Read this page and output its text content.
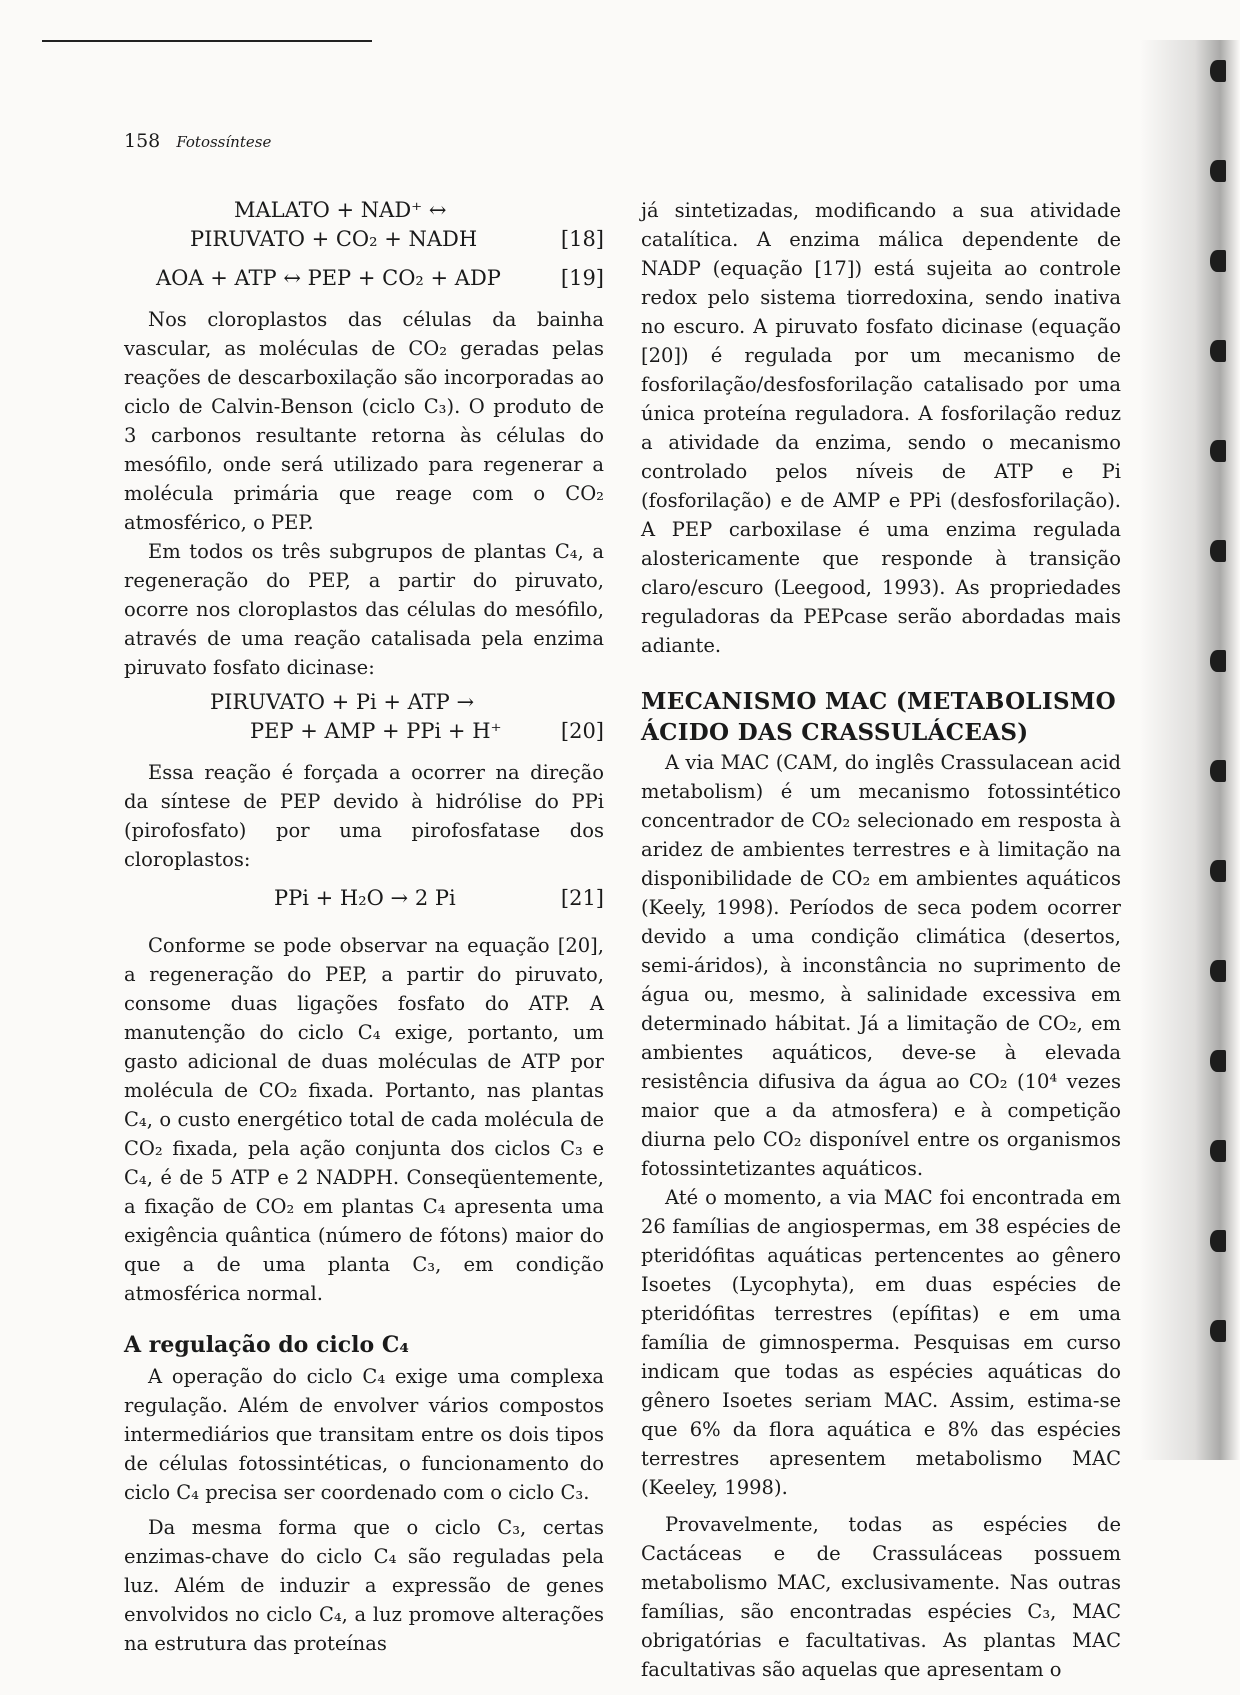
158 Fotossíntese
MALATO + NAD⁺ ↔
PIRUVATO + CO₂ + NADH	[18]
AOA + ATP ↔ PEP + CO₂ + ADP	[19]

Nos cloroplastos das células da bainha vascular, as moléculas de CO₂ geradas pelas reações de descarboxilação são incorporadas ao ciclo de Calvin-Benson (ciclo C₃). O produto de 3 carbonos resultante retorna às células do mesófilo, onde será utilizado para regenerar a molécula primária que reage com o CO₂ atmosférico, o PEP.

Em todos os três subgrupos de plantas C₄, a regeneração do PEP, a partir do piruvato, ocorre nos cloroplastos das células do mesófilo, através de uma reação catalisada pela enzima piruvato fosfato dicinase:

PIRUVATO + Pi + ATP →
PEP + AMP + PPi + H⁺	[20]

Essa reação é forçada a ocorrer na direção da síntese de PEP devido à hidrólise do PPi (pirofosfato) por uma pirofosfatase dos cloroplastos:

PPi + H₂O → 2 Pi	[21]

Conforme se pode observar na equação [20], a regeneração do PEP, a partir do piruvato, consome duas ligações fosfato do ATP. A manutenção do ciclo C₄ exige, portanto, um gasto adicional de duas moléculas de ATP por molécula de CO₂ fixada. Portanto, nas plantas C₄, o custo energético total de cada molécula de CO₂ fixada, pela ação conjunta dos ciclos C₃ e C₄, é de 5 ATP e 2 NADPH. Conseqüentemente, a fixação de CO₂ em plantas C₄ apresenta uma exigência quântica (número de fótons) maior do que a de uma planta C₃, em condição atmosférica normal.

A regulação do ciclo C₄

A operação do ciclo C₄ exige uma complexa regulação. Além de envolver vários compostos intermediários que transitam entre os dois tipos de células fotossintéticas, o funcionamento do ciclo C₄ precisa ser coordenado com o ciclo C₃.

Da mesma forma que o ciclo C₃, certas enzimas-chave do ciclo C₄ são reguladas pela luz. Além de induzir a expressão de genes envolvidos no ciclo C₄, a luz promove alterações na estrutura das proteínas

já sintetizadas, modificando a sua atividade catalítica. A enzima málica dependente de NADP (equação [17]) está sujeita ao controle redox pelo sistema tiorredoxina, sendo inativa no escuro. A piruvato fosfato dicinase (equação [20]) é regulada por um mecanismo de fosforilação/desfosforilação catalisado por uma única proteína reguladora. A fosforilação reduz a atividade da enzima, sendo o mecanismo controlado pelos níveis de ATP e Pi (fosforilação) e de AMP e PPi (desfosforilação). A PEP carboxilase é uma enzima regulada alostericamente que responde à transição claro/escuro (Leegood, 1993). As propriedades reguladoras da PEPcase serão abordadas mais adiante.

MECANISMO MAC (METABOLISMO
ÁCIDO DAS CRASSULÁCEAS)

A via MAC (CAM, do inglês Crassulacean acid metabolism) é um mecanismo fotossintético concentrador de CO₂ selecionado em resposta à aridez de ambientes terrestres e à limitação na disponibilidade de CO₂ em ambientes aquáticos (Keely, 1998). Períodos de seca podem ocorrer devido a uma condição climática (desertos, semi-áridos), à inconstância no suprimento de água ou, mesmo, à salinidade excessiva em determinado hábitat. Já a limitação de CO₂, em ambientes aquáticos, deve-se à elevada resistência difusiva da água ao CO₂ (10⁴ vezes maior que a da atmosfera) e à competição diurna pelo CO₂ disponível entre os organismos fotossintetizantes aquáticos.

Até o momento, a via MAC foi encontrada em 26 famílias de angiospermas, em 38 espécies de pteridófitas aquáticas pertencentes ao gênero Isoetes (Lycophyta), em duas espécies de pteridófitas terrestres (epífitas) e em uma família de gimnosperma. Pesquisas em curso indicam que todas as espécies aquáticas do gênero Isoetes seriam MAC. Assim, estima-se que 6% da flora aquática e 8% das espécies terrestres apresentem metabolismo MAC (Keeley, 1998).

Provavelmente, todas as espécies de Cactáceas e de Crassuláceas possuem metabolismo MAC, exclusivamente. Nas outras famílias, são encontradas espécies C₃, MAC obrigatórias e facultativas. As plantas MAC facultativas são aquelas que apresentam o
